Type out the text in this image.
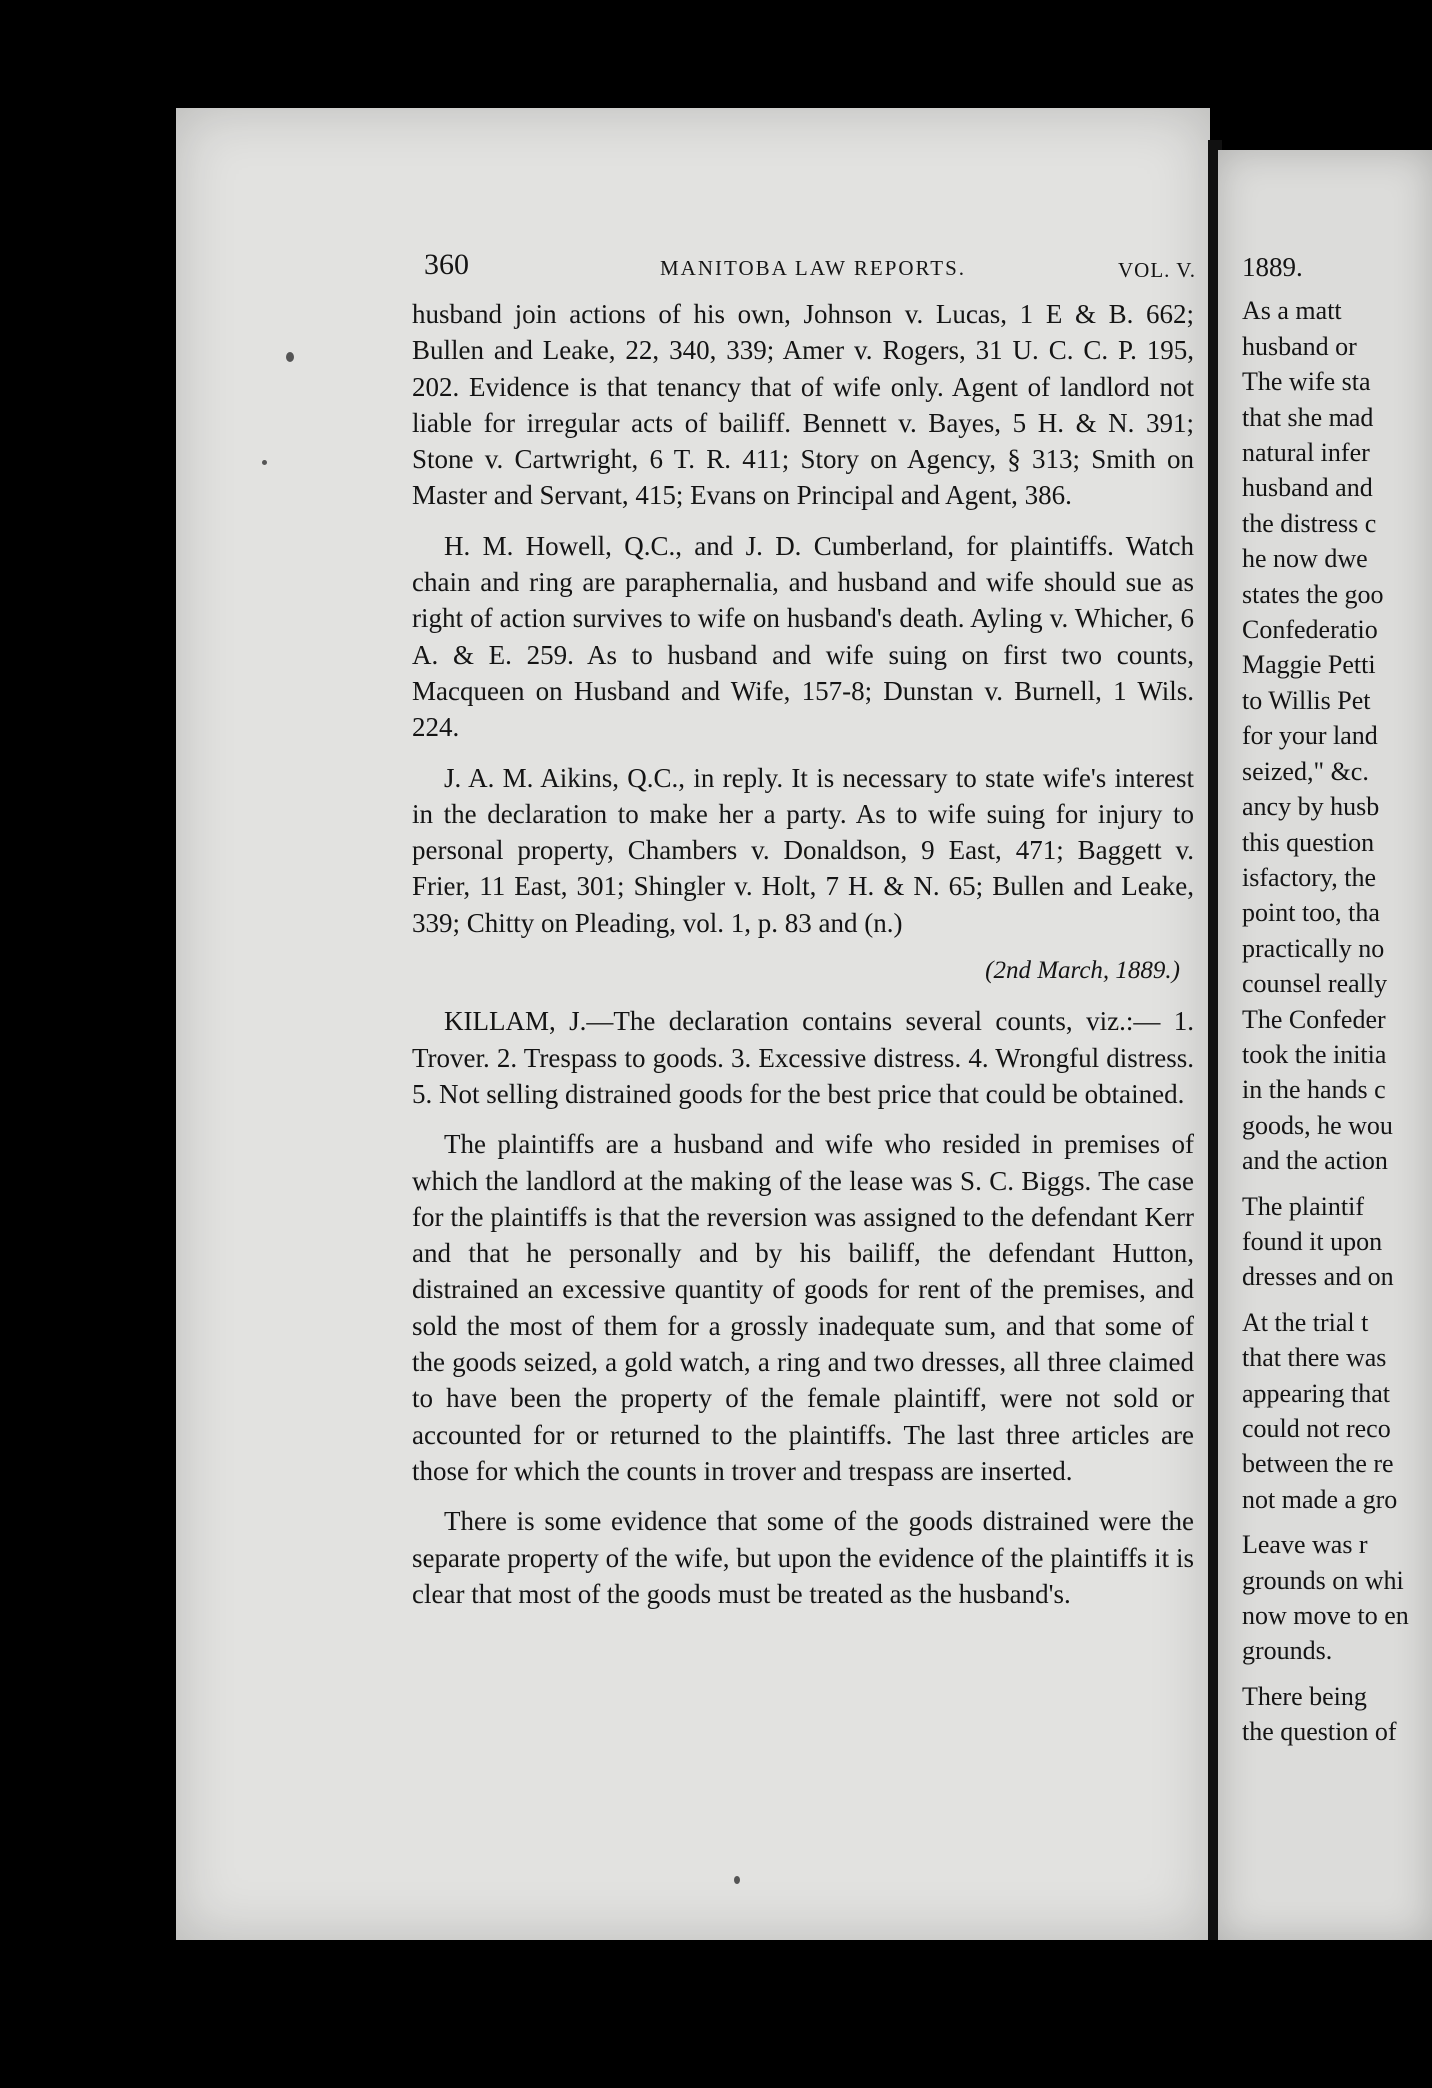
360	MANITOBA LAW REPORTS.	VOL. V.

husband join actions of his own, Johnson v. Lucas, 1 E & B. 662; Bullen and Leake, 22, 340, 339; Amer v. Rogers, 31 U. C. C. P. 195, 202. Evidence is that tenancy that of wife only. Agent of landlord not liable for irregular acts of bailiff. Bennett v. Bayes, 5 H. & N. 391; Stone v. Cartwright, 6 T. R. 411; Story on Agency, § 313; Smith on Master and Servant, 415; Evans on Principal and Agent, 386.

H. M. Howell, Q.C., and J. D. Cumberland, for plaintiffs. Watch chain and ring are paraphernalia, and husband and wife should sue as right of action survives to wife on husband's death. Ayling v. Whicher, 6 A. & E. 259. As to husband and wife suing on first two counts, Macqueen on Husband and Wife, 157-8; Dunstan v. Burnell, 1 Wils. 224.

J. A. M. Aikins, Q.C., in reply. It is necessary to state wife's interest in the declaration to make her a party. As to wife suing for injury to personal property, Chambers v. Donaldson, 9 East, 471; Baggett v. Frier, 11 East, 301; Shingler v. Holt, 7 H. & N. 65; Bullen and Leake, 339; Chitty on Pleading, vol. 1, p. 83 and (n.)

(2nd March, 1889.)

KILLAM, J.—The declaration contains several counts, viz.:— 1. Trover. 2. Trespass to goods. 3. Excessive distress. 4. Wrongful distress. 5. Not selling distrained goods for the best price that could be obtained.

The plaintiffs are a husband and wife who resided in premises of which the landlord at the making of the lease was S. C. Biggs. The case for the plaintiffs is that the reversion was assigned to the defendant Kerr and that he personally and by his bailiff, the defendant Hutton, distrained an excessive quantity of goods for rent of the premises, and sold the most of them for a grossly inadequate sum, and that some of the goods seized, a gold watch, a ring and two dresses, all three claimed to have been the property of the female plaintiff, were not sold or accounted for or returned to the plaintiffs. The last three articles are those for which the counts in trover and trespass are inserted.

There is some evidence that some of the goods distrained were the separate property of the wife, but upon the evidence of the plaintiffs it is clear that most of the goods must be treated as the husband's.

1889.
As a matt
husband or
The wife sta
that she mad
natural infer
husband and
the distress c
he now dwe
states the goo
Confederatio
Maggie Petti
to Willis Pet
for your land
seized," &c.
ancy by husb
this question
isfactory, the
point too, tha
practically no
counsel really
The Confeder
took the initia
in the hands c
goods, he wou
and the action
The plaintif
found it upon
dresses and on
At the trial t
that there was
appearing that
could not reco
between the re
not made a gro
Leave was r
grounds on whi
now move to en
grounds.
There being
the question of
